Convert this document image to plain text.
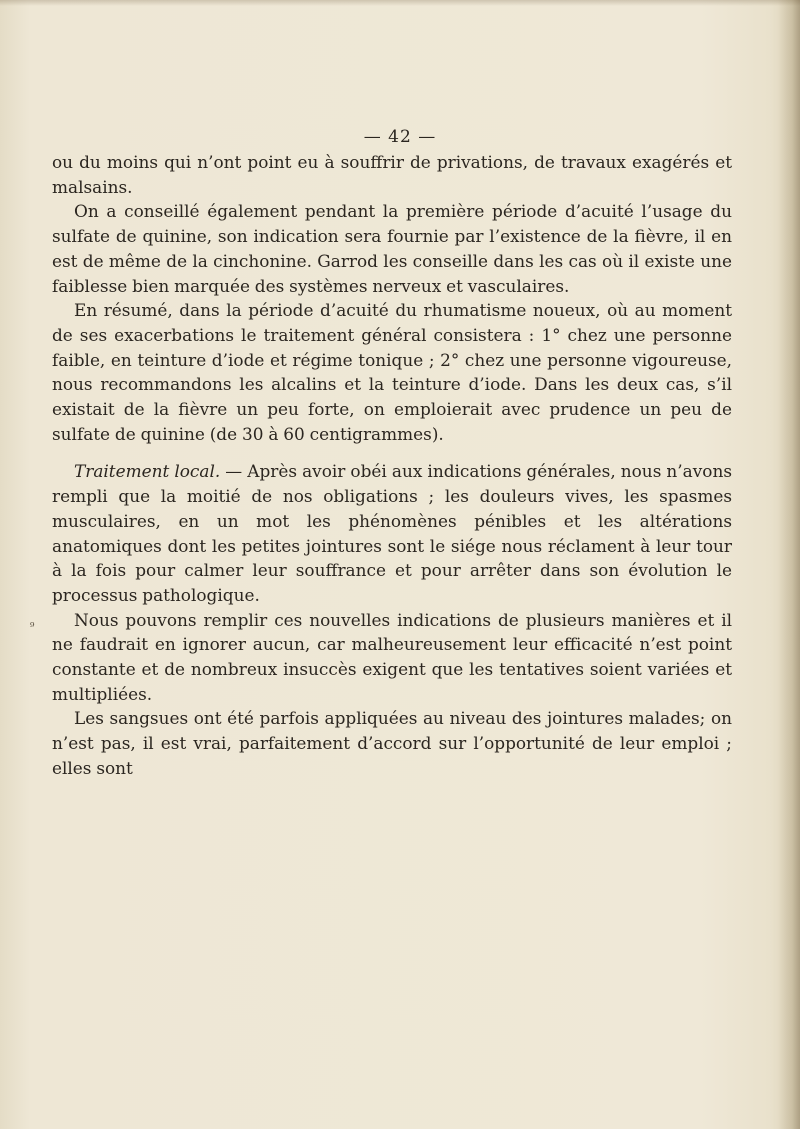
— 42 —
₉

ou du moins qui n’ont point eu à souffrir de privations, de travaux exagérés et malsains.

On a conseillé également pendant la première période d’acuité l’usage du sulfate de quinine, son indication sera fournie par l’existence de la fièvre, il en est de même de la cinchonine. Garrod les conseille dans les cas où il existe une faiblesse bien marquée des systèmes nerveux et vasculaires.

En résumé, dans la période d’acuité du rhumatisme noueux, où au moment de ses exacerbations le traitement général consistera : 1° chez une personne faible, en teinture d’iode et régime tonique ; 2° chez une personne vigoureuse, nous recommandons les alcalins et la teinture d’iode. Dans les deux cas, s’il existait de la fièvre un peu forte, on emploierait avec prudence un peu de sulfate de quinine (de 30 à 60 centigrammes).

Traitement local. — Après avoir obéi aux indications générales, nous n’avons rempli que la moitié de nos obligations ; les douleurs vives, les spasmes musculaires, en un mot les phénomènes pénibles et les altérations anatomiques dont les petites jointures sont le siége nous réclament à leur tour à la fois pour calmer leur souffrance et pour arrêter dans son évolution le processus pathologique.

Nous pouvons remplir ces nouvelles indications de plusieurs manières et il ne faudrait en ignorer aucun, car malheureusement leur efficacité n’est point constante et de nombreux insuccès exigent que les tentatives soient variées et multipliées.

Les sangsues ont été parfois appliquées au niveau des jointures malades; on n’est pas, il est vrai, parfaitement d’accord sur l’opportunité de leur emploi ; elles sont
